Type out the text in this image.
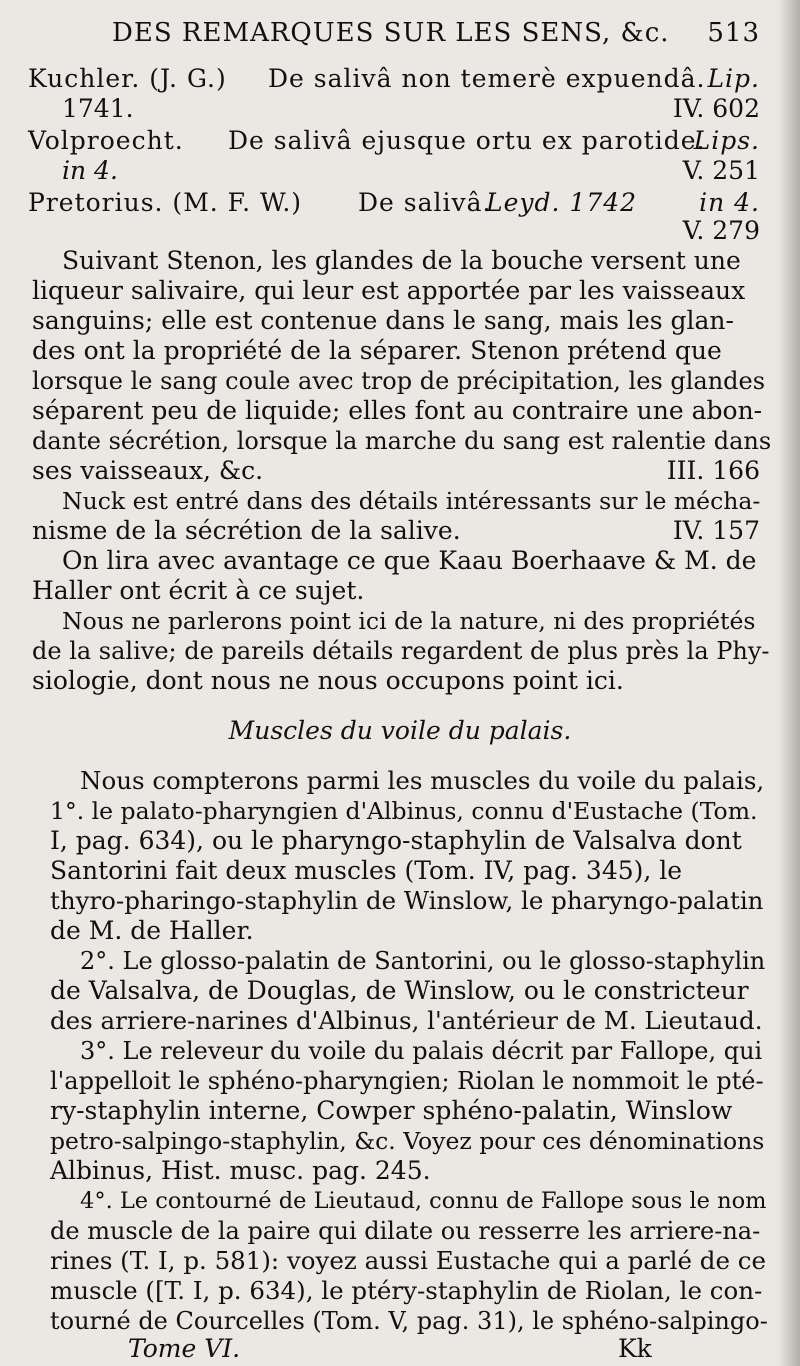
DES REMARQUES SUR LES SENS, &c. 513
Kuchler. (J. G.) De salivâ non temerè expuendâ. Lip.
1741.	IV. 602
Volproecht. De salivâ ejusque ortu ex parotide.
Lips.
in 4.	V. 251
Pretorius. (M. F. W.) De salivâ.
Leyd. 1742 in 4.
V. 279
Suivant Stenon, les glandes de la bouche versent une
liqueur salivaire, qui leur est apportée par les vaisseaux
sanguins; elle est contenue dans le sang, mais les glan-
des ont la propriété de la séparer. Stenon prétend que
lorsque le sang coule avec trop de précipitation, les glandes
séparent peu de liquide; elles font au contraire une abon-
dante sécrétion, lorsque la marche du sang est ralentie dans
ses vaisseaux, &c.	III. 166
Nuck est entré dans des détails intéressants sur le mécha-
nisme de la sécrétion de la salive.	IV. 157
On lira avec avantage ce que Kaau Boerhaave & M. de
Haller ont écrit à ce sujet.
Nous ne parlerons point ici de la nature, ni des propriétés
de la salive; de pareils détails regardent de plus près la Phy-
siologie, dont nous ne nous occupons point ici.
Muscles du voile du palais.
Nous compterons parmi les muscles du voile du palais,
1°. le palato-pharyngien d'Albinus, connu d'Eustache (Tom.
I, pag. 634), ou le pharyngo-staphylin de Valsalva dont
Santorini fait deux muscles (Tom. IV, pag. 345), le
thyro-pharingo-staphylin de Winslow, le pharyngo-palatin
de M. de Haller.
2°. Le glosso-palatin de Santorini, ou le glosso-staphylin
de Valsalva, de Douglas, de Winslow, ou le constricteur
des arriere-narines d'Albinus, l'antérieur de M. Lieutaud.
3°. Le releveur du voile du palais décrit par Fallope, qui
l'appelloit le sphéno-pharyngien; Riolan le nommoit le pté-
ry-staphylin interne, Cowper sphéno-palatin, Winslow
petro-salpingo-staphylin, &c. Voyez pour ces dénominations
Albinus, Hist. musc. pag. 245.
4°. Le contourné de Lieutaud, connu de Fallope sous le nom
de muscle de la paire qui dilate ou resserre les arriere-na-
rines (T. I, p. 581): voyez aussi Eustache qui a parlé de ce
muscle ([T. I, p. 634), le ptéry-staphylin de Riolan, le con-
tourné de Courcelles (Tom. V, pag. 31), le sphéno-salpingo-
Tome VI.	Kk
